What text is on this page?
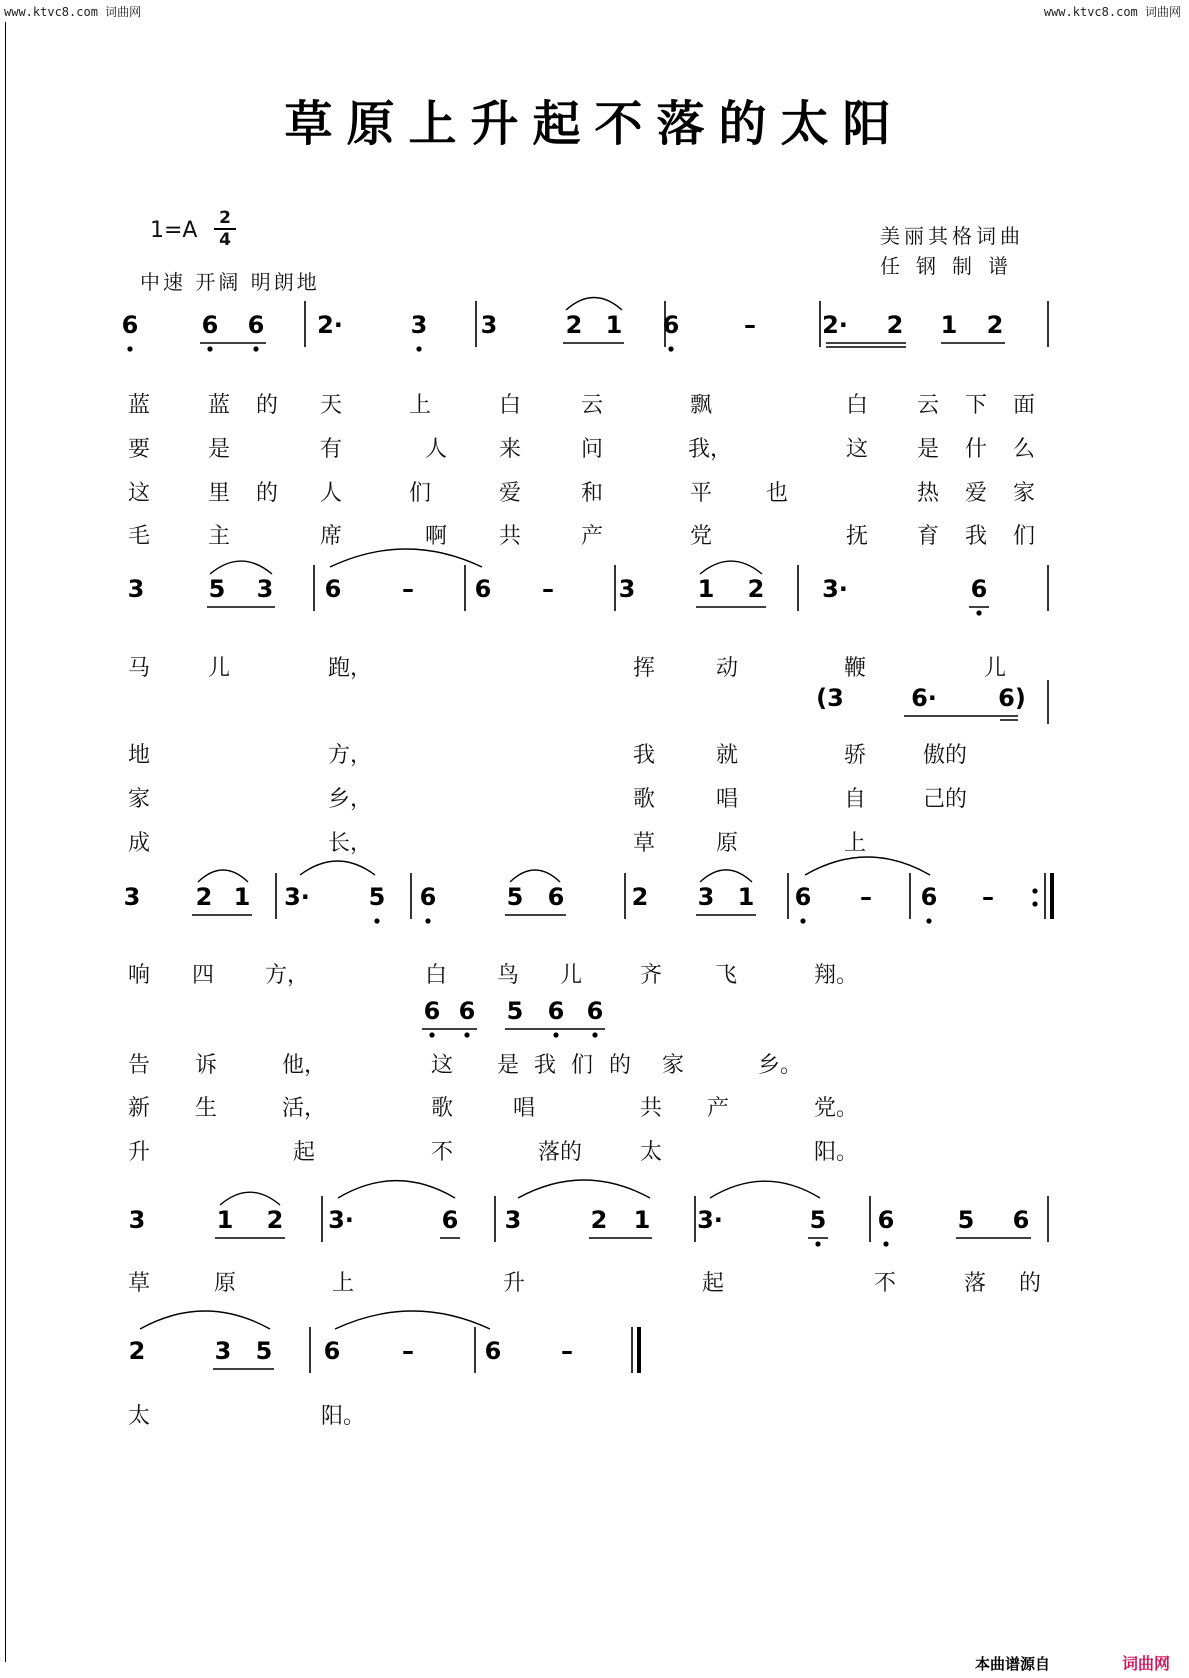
www.ktvc8.com 词曲网	www.ktvc8.com 词曲网
草原上升起不落的太阳
1=A 2
4
中速 开阔 明朗地
美丽其格词曲
任钢制谱
6	6 6 2·	3 3	2 1 6	–	2· 2 1 2
3	5 3 6	–	6 –	3	1 2 3·	6
(3	6·	6)
3 2 1 3· 5 6	5 6	2 3 1 6 – 6 –
6 6 5 6 6
3	1 2 3·	6 3	2 1 3·	5 6	5 6
2	3 5 6	–	6 –
蓝	蓝 的 天	上	白	云	飘	白 云 下 面
要	是	有	人 来	问	我，	这 是 什 么
这	里 的 人	们	爱	和	平 也	热 爱 家
毛	主	席	啊 共	产	党	抚 育 我 们
马	儿	跑，	挥	动	鞭	儿
地	方，	我	就	骄	傲的
家	乡，	歌	唱	自	己的
成	长，	草	原	上
响 四 方，	白 鸟 儿	齐 飞	翔。
告 诉	他，	这 是 我 们 的 家	乡。
新 生	活，	歌	唱	共 产	党。
升	起	不	落的	太	阳。
草	原	上	升	起	不	落 的
太	阳。
本曲谱源自	词曲网
